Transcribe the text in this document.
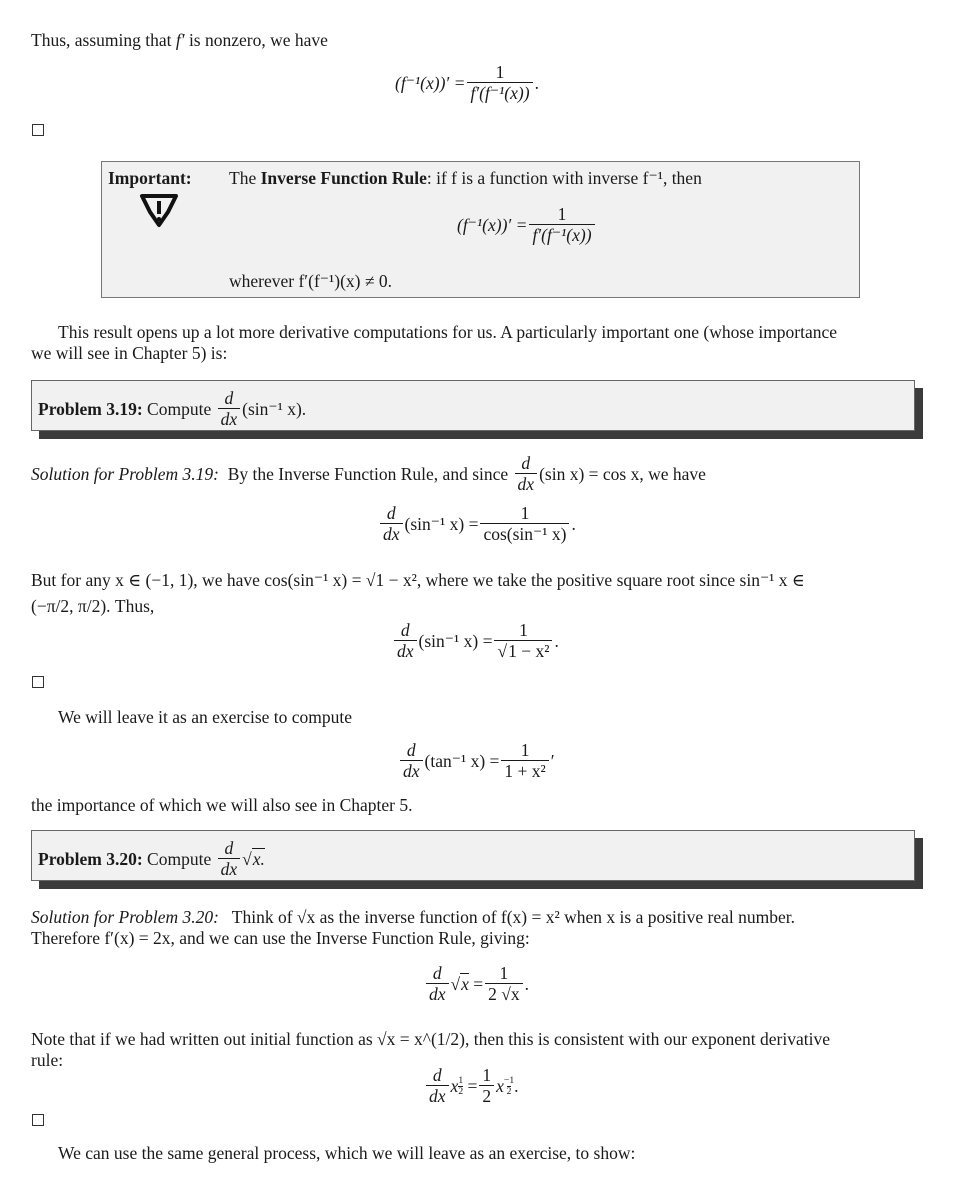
Thus, assuming that f′ is nonzero, we have
$(f^{-1}(x))' = \frac{1}{\text{f′(f⁻¹(x))}}$ .
Important: The Inverse Function Rule: if f is a function with inverse f⁻¹, then
$(f^{-1}(x))' = \frac{1}{\text{f′(f⁻¹(x))}}$
wherever f′(f⁻¹)(x) ≠ 0.
This result opens up a lot more derivative computations for us. A particularly important one (whose importance
we will see in Chapter 5) is:
Problem 3.19:
Compute
$\frac{d}{dx} (\sin^{-1}$ x).
Solution for Problem 3.19:
By the Inverse Function Rule, and since
$\frac{d}{dx} (\sin$ x) = cos x, we have
$\frac{d}{dx} (\sin^{-1}$ $x) = \frac{1}{\text{cos(sin⁻¹ x)}}$ .
But for any x ∈ (−1, 1), we have cos(sin⁻¹ x) = √1 − x², where we take the positive square root since sin⁻¹ x ∈
(−π/2, π/2). Thus,
$\frac{d}{dx} (\sin^{-1}$ $x) = \frac{1}{\text{√1 − x²}}$ .
We will leave it as an exercise to compute
$\frac{d}{dx} (\tan^{-1}$ $x) = \frac{1}{\text{1 + x²}}$ ′
the importance of which we will also see in Chapter 5.
Problem 3.20:
Compute
$\frac{d}{dx} √x$.
Solution for Problem 3.20: Think of √x as the inverse function of f(x) = x² when x is a positive real number.
Therefore f′(x) = 2x, and we can use the Inverse Function Rule, giving:
$\frac{d}{dx} √x = \frac{1}{2 √x}$ .
Note that if we had written out initial function as √x = x^(1/2), then this is consistent with our exponent derivative
rule:
$\frac{d}{dx}$ x 1
$2 = \frac{1}{2}$ x −1
2 .
We can use the same general process, which we will leave as an exercise, to show:
